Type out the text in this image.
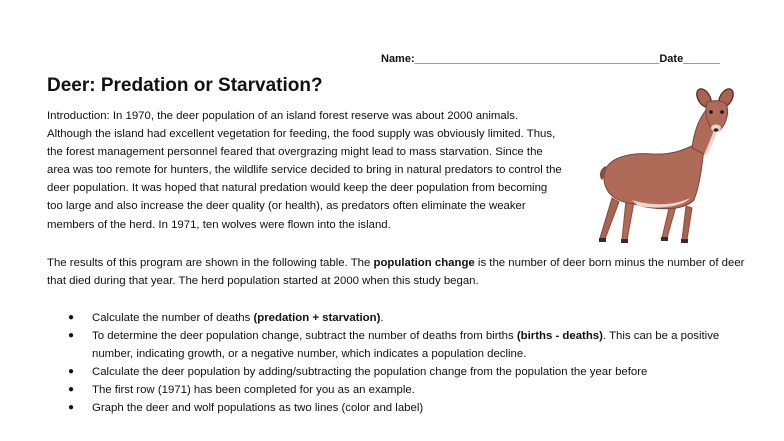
Name:________________________________________Date______
Deer: Predation or Starvation?

Introduction: In 1970, the deer population of an island forest reserve was about 2000 animals. Although the island had excellent vegetation for feeding, the food supply was obviously limited. Thus, the forest management personnel feared that overgrazing might lead to mass starvation. Since the area was too remote for hunters, the wildlife service decided to bring in natural predators to control the deer population. It was hoped that natural predation would keep the deer population from becoming too large and also increase the deer quality (or health), as predators often eliminate the weaker members of the herd. In 1971, ten wolves were flown into the island.

The results of this program are shown in the following table. The population change is the number of deer born minus the number of deer that died during that year. The herd population started at 2000 when this study began.

● Calculate the number of deaths (predation + starvation).
● To determine the deer population change, subtract the number of deaths from births (births - deaths). This can be a positive number, indicating growth, or a negative number, which indicates a population decline.
● Calculate the deer population by adding/subtracting the population change from the population the year before
● The first row (1971) has been completed for you as an example.
● Graph the deer and wolf populations as two lines (color and label)
